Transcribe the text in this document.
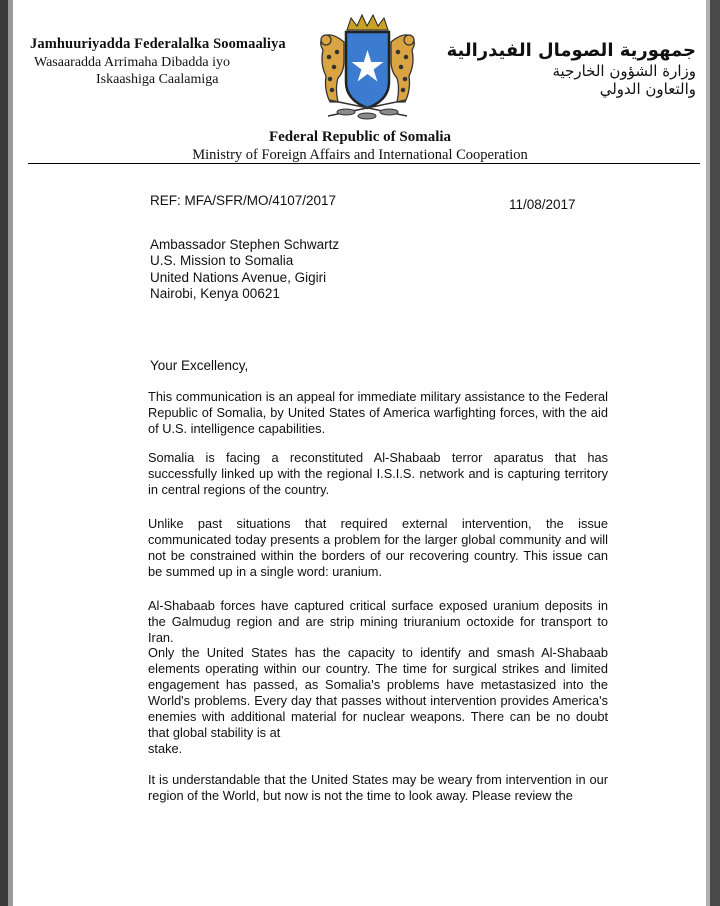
Jamhuuriyadda Federalalka Soomaaliya
Wasaaradda Arrimaha Dibadda iyo
Iskaashiga Caalamiga
جمهورية الصومال الفيدرالية
وزارة الشؤون الخارجية
والتعاون الدولي
Federal Republic of Somalia
Ministry of Foreign Affairs and International Cooperation
REF: MFA/SFR/MO/4107/2017	11/08/2017
Ambassador Stephen Schwartz
U.S. Mission to Somalia
United Nations Avenue, Gigiri
Nairobi, Kenya 00621
Your Excellency,
This communication is an appeal for immediate military assistance to the Federal Republic of Somalia, by United States of America warfighting forces, with the aid of U.S. intelligence capabilities.
Somalia is facing a reconstituted Al-Shabaab terror aparatus that has successfully linked up with the regional I.S.I.S. network and is capturing territory in central regions of the country.
Unlike past situations that required external intervention, the issue communicated today presents a problem for the larger global community and will not be constrained within the borders of our recovering country. This issue can be summed up in a single word: uranium.
Al-Shabaab forces have captured critical surface exposed uranium deposits in the Galmudug region and are strip mining triuranium octoxide for transport to Iran.
Only the United States has the capacity to identify and smash Al-Shabaab elements operating within our country. The time for surgical strikes and limited engagement has passed, as Somalia's problems have metastasized into the World's problems. Every day that passes without intervention provides America's enemies with additional material for nuclear weapons. There can be no doubt that global stability is at
stake.
It is understandable that the United States may be weary from intervention in our region of the World, but now is not the time to look away. Please review the
